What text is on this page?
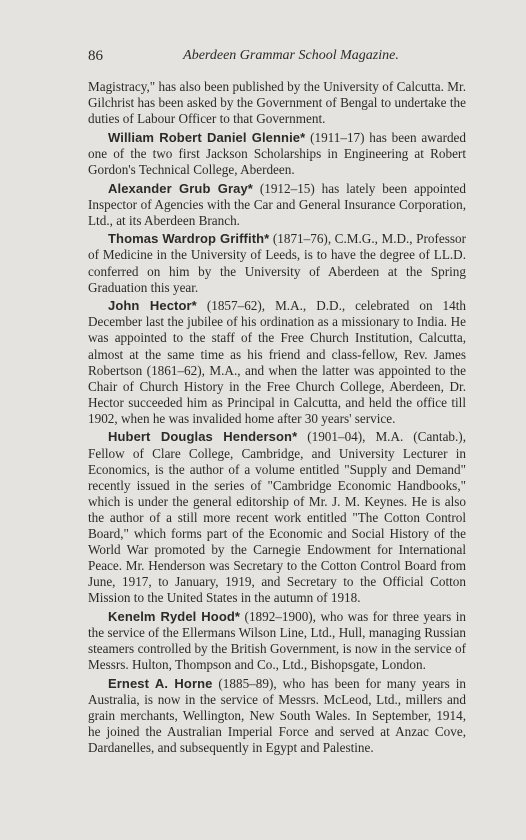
86	Aberdeen Grammar School Magazine.

Magistracy," has also been published by the University of Calcutta. Mr. Gilchrist has been asked by the Government of Bengal to undertake the duties of Labour Officer to that Government.

William Robert Daniel Glennie* (1911–17) has been awarded one of the two first Jackson Scholarships in Engineering at Robert Gordon's Technical College, Aberdeen.

Alexander Grub Gray* (1912–15) has lately been appointed Inspector of Agencies with the Car and General Insurance Corporation, Ltd., at its Aberdeen Branch.

Thomas Wardrop Griffith* (1871–76), C.M.G., M.D., Professor of Medicine in the University of Leeds, is to have the degree of LL.D. conferred on him by the University of Aberdeen at the Spring Graduation this year.

John Hector* (1857–62), M.A., D.D., celebrated on 14th December last the jubilee of his ordination as a missionary to India. He was appointed to the staff of the Free Church Institution, Calcutta, almost at the same time as his friend and class-fellow, Rev. James Robertson (1861–62), M.A., and when the latter was appointed to the Chair of Church History in the Free Church College, Aberdeen, Dr. Hector succeeded him as Principal in Calcutta, and held the office till 1902, when he was invalided home after 30 years' service.

Hubert Douglas Henderson* (1901–04), M.A. (Cantab.), Fellow of Clare College, Cambridge, and University Lecturer in Economics, is the author of a volume entitled "Supply and Demand" recently issued in the series of "Cambridge Economic Handbooks," which is under the general editorship of Mr. J. M. Keynes. He is also the author of a still more recent work entitled "The Cotton Control Board," which forms part of the Economic and Social History of the World War promoted by the Carnegie Endowment for International Peace. Mr. Henderson was Secretary to the Cotton Control Board from June, 1917, to January, 1919, and Secretary to the Official Cotton Mission to the United States in the autumn of 1918.

Kenelm Rydel Hood* (1892–1900), who was for three years in the service of the Ellermans Wilson Line, Ltd., Hull, managing Russian steamers controlled by the British Government, is now in the service of Messrs. Hulton, Thompson and Co., Ltd., Bishopsgate, London.

Ernest A. Horne (1885–89), who has been for many years in Australia, is now in the service of Messrs. McLeod, Ltd., millers and grain merchants, Wellington, New South Wales. In September, 1914, he joined the Australian Imperial Force and served at Anzac Cove, Dardanelles, and subsequently in Egypt and Palestine.
